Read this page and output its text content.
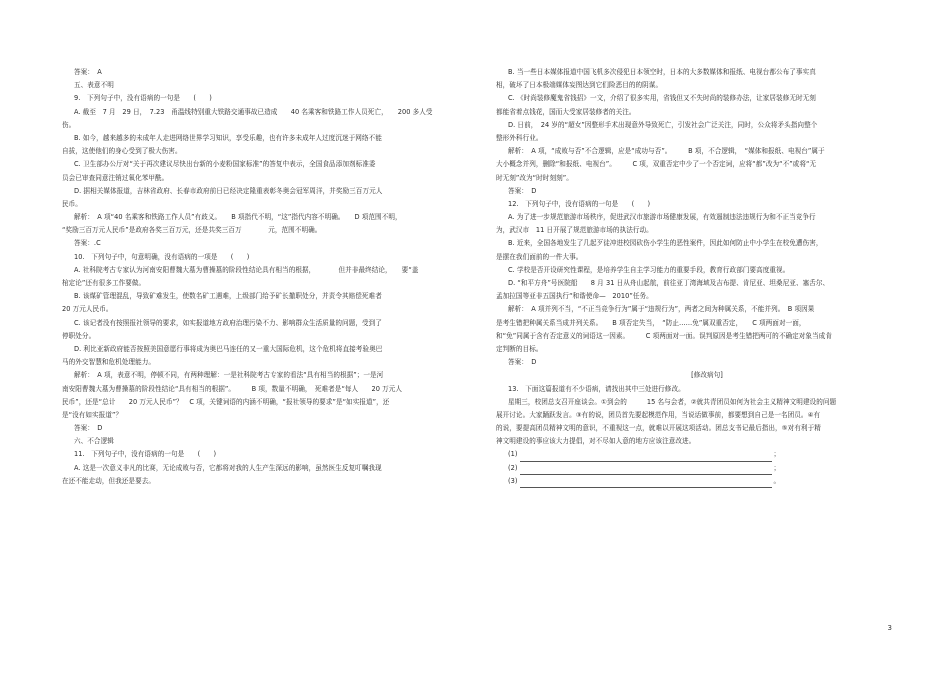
答案：　A
五、表意不明
9.　下列句子中，没有语病的一句是　　(　　)
A. 截至　7 月　29 日，　7.23　甬温线特别重大铁路交通事故已造成　　40 名乘客和铁路工作人员死亡，　　200 多人受
伤。
B. 如今，越来越多的未成年人走进网络世界学习知识，享受乐趣，也有许多未成年人过度沉迷于网络不能
自拔，这使他们的身心受到了极大伤害。
C. 卫生部办公厅对“关于再次建议尽快出台新的小麦粉国家标准”的答复中表示，全国食品添加剂标准委
员会已审查同意注销过氧化苯甲酰。
D. 据相关媒体报道，吉林省政府、长春市政府前日已经决定隆重表彰冬奥会冠军周洋，并奖励三百万元人
民币。
解析：　A 项“40 名乘客和铁路工作人员”有歧义。　　B 项指代不明，“这”指代内容不明确。　　D 项范围不明，
“奖励三百万元人民币”是政府各奖三百万元，还是共奖三百万　　　　元，范围不明确。
答案：.C
10.　下列句子中，句意明确，没有语病的一项是　　(　　)
A. 社科院考古专家认为河南安阳曹魏大墓为曹操墓的阶段性结论具有相当的根据，　　　　但并非最终结论，　　要“盖
棺定论”还有很多工作要做。
B. 该煤矿管理混乱，导致矿难发生，使数名矿工遇难，上级部门给予矿长撤职处分，并责令其赔偿死难者
20 万元人民币。
C. 该记者没有按照报社领导的要求，如实报道地方政府治理污染不力、影响群众生活质量的问题，受到了
停职处分。
D. 利比亚新政府能否按照美国意愿行事将成为奥巴马连任的又一重大国际危机，这个危机将直接考验奥巴
马的外交智慧和危机处理能力。
解析：　A 项，表意不明，停顿不同，有两种理解：一是社科院考古专家的看法“具有相当的根据”；一是河
南安阳曹魏大墓为曹操墓的阶段性结论“具有相当的根据”。　　　B 项，数量不明确，　死难者是“每人　　20 万元人
民币”，还是“总计　　20 万元人民币”？　C 项，关键词语的内涵不明确，“报社领导的要求”是“如实报道”，还
是“没有如实报道”？
答案：　D
六、不合逻辑
11.　下列句子中，没有语病的一句是　　(　　)
A. 这是一次意义非凡的比赛，无论成败与否，它都将对我的人生产生深远的影响，虽然医生反复叮嘱我现
在还不能走动，但我还是要去。
B. 当一些日本媒体报道中国飞机多次侵犯日本领空时，日本的大多数媒体和报纸、电视台都公布了事实真
相，破坏了日本极端媒体妄图达到它们险恶目的的阴谋。
C. 《时尚装修魔鬼省钱招》一文，介绍了很多实用，省钱但又不失时尚的装修办法，让家居装修无时无刻
都能省着点钱花，国而大受家居装修者的关注。
D. 日前，　24 岁的“超女”因整形手术出现意外导致死亡，引发社会广泛关注，同时，公众将矛头指向整个
整形外科行业。
解析：　A 项，“成败与否”不合逻辑，应是“成功与否”。　　　B 项，不合逻辑，　“媒体和报纸、电视台”属于
大小概念并列，删除“和报纸、电视台”。　　　C 项，双重否定中少了一个否定词，应将“都”改为“不”或将“无
时无刻”改为“时时刻刻”。
答案：　D
12.　下列句子中，没有语病的一句是　　(　　)
A. 为了进一步规范旅游市场秩序，促进武汉市旅游市场健康发展，有效遏制违法违规行为和不正当竞争行
为，武汉市　11 日开展了规范旅游市场的执法行动。
B. 近来，全国各地发生了几起歹徒冲进校园砍伤小学生的恶性案件，因此如何防止中小学生在校免遭伤害，
是摆在我们面前的一件大事。
C. 学校是否开设研究性课程，是培养学生自主学习能力的重要手段，教育行政部门要高度重视。
D. “和平方舟”号医院船　　8 月 31 日从舟山起航，前往亚丁湾海域及吉布提、肯尼亚、坦桑尼亚、塞舌尔、
孟加拉国等亚非五国执行“和谐使命—　2010”任务。
解析：　A 项并列不当，“不正当竞争行为”属于“违规行为”，两者之间为种属关系，不能并列。　B 项因果
是考生错把种属关系当成并列关系。　　B 项否定失当，　“防止……免”属双重否定，　　C 项两面对一面，
和“免”同属于含有否定意义的词语这一因素。　　　C 项两面对一面。误判原因是考生错把两可的不确定对象当成肯
定判断的目标。
答案：　D
[修改病句]
13.　下面这篇报道有不少语病，请找出其中三处进行修改。
星期三，校团总支召开座谈会。①到会的　　　15 名与会者，②就共青团员如何为社会主义精神文明建设的问题
展开讨论。大家踊跃发言。③有的说，团员首先要起模范作用，当说话做事前，都要想到自己是一名团员。④有
的说，要提高团员精神文明的意识，不重视这一点，就难以开展这项活动。团总支书记最后指出，⑤对有利于精
神文明建设的事应该大力提倡，对不尽如人意的地方应该注意改进。
(1)	；
(2)	；
(3)	。
3
